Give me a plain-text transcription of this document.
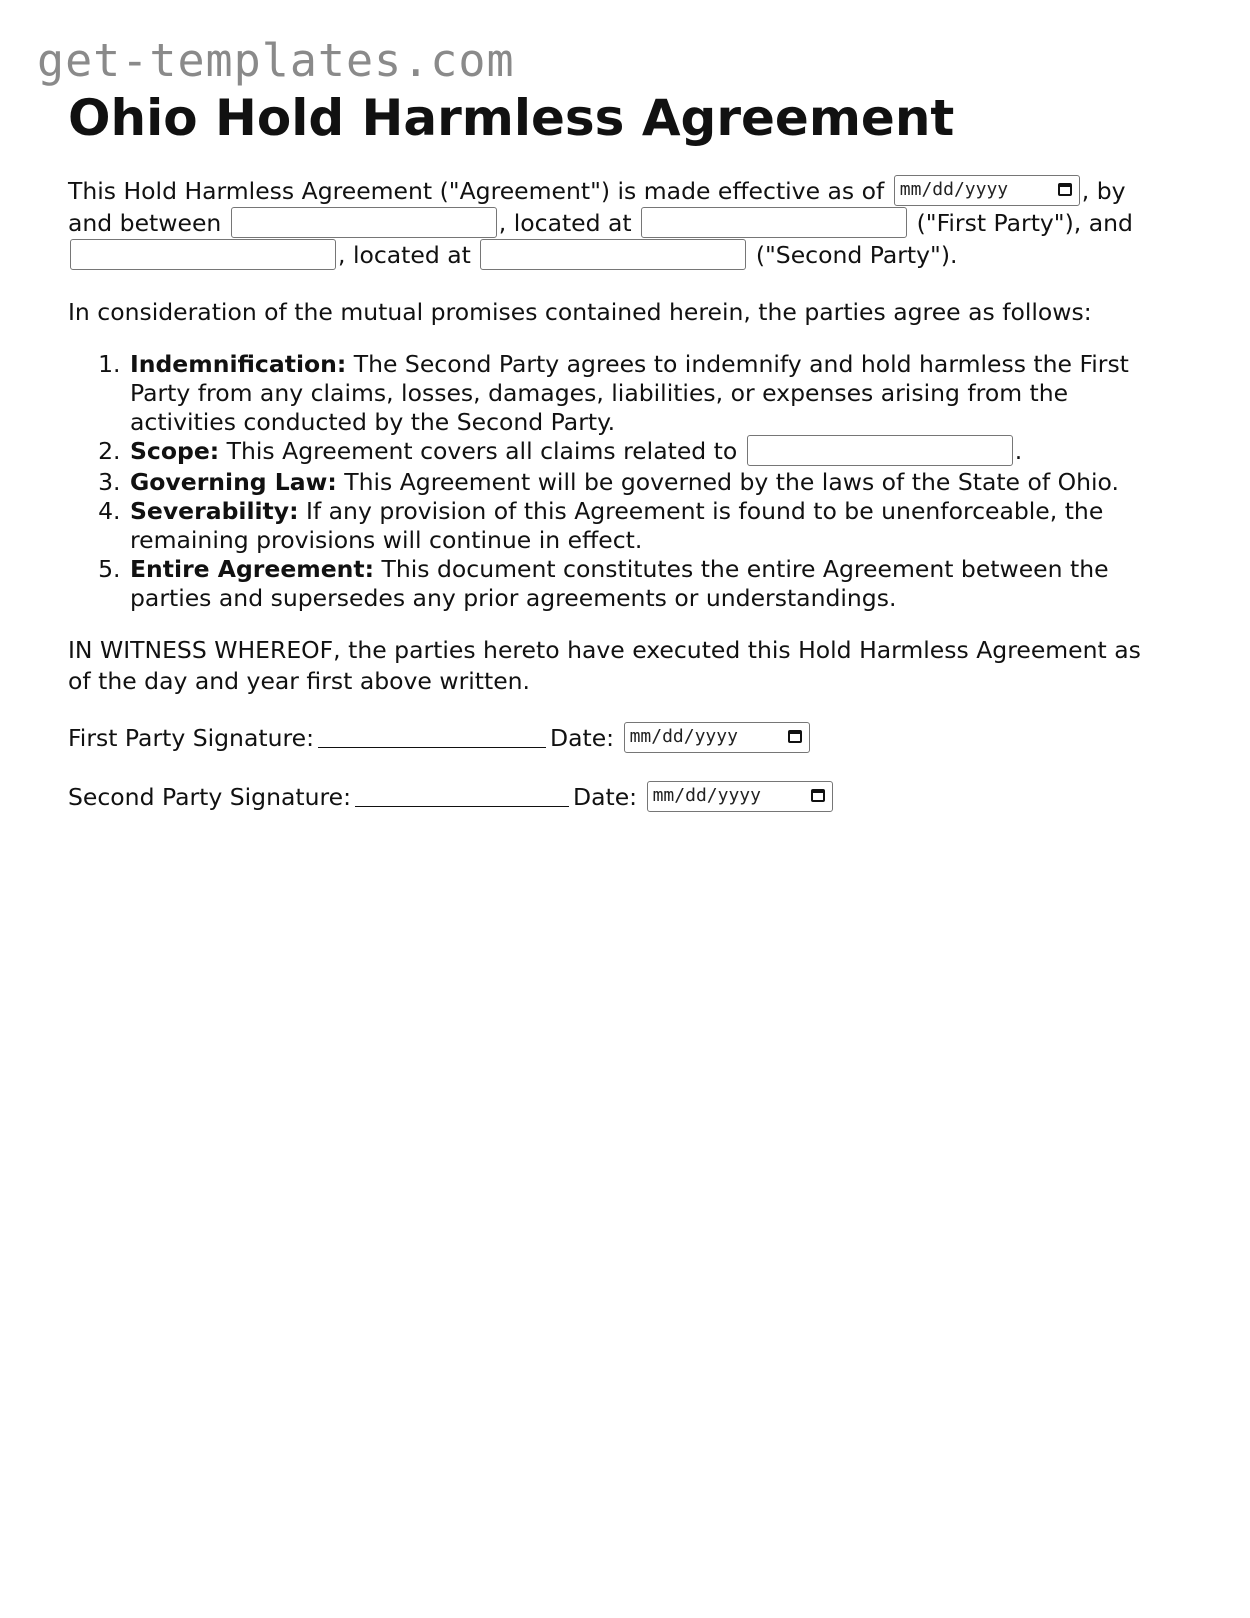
get-templates.com
Ohio Hold Harmless Agreement

This Hold Harmless Agreement ("Agreement") is made effective as of mm/dd/yyyy	, by and between	, located at	("First Party"), and , located at	("Second Party").

In consideration of the mutual promises contained herein, the parties agree as follows:

1. Indemnification: The Second Party agrees to indemnify and hold harmless the First Party from any claims, losses, damages, liabilities, or expenses arising from the activities conducted by the Second Party.
2. Scope: This Agreement covers all claims related to	.
3. Governing Law: This Agreement will be governed by the laws of the State of Ohio.
4. Severability: If any provision of this Agreement is found to be unenforceable, the remaining provisions will continue in effect.
5. Entire Agreement: This document constitutes the entire Agreement between the parties and supersedes any prior agreements or understandings.

IN WITNESS WHEREOF, the parties hereto have executed this Hold Harmless Agreement as of the day and year first above written.

First Party Signature:	Date: mm/dd/yyyy

Second Party Signature:	Date: mm/dd/yyyy
